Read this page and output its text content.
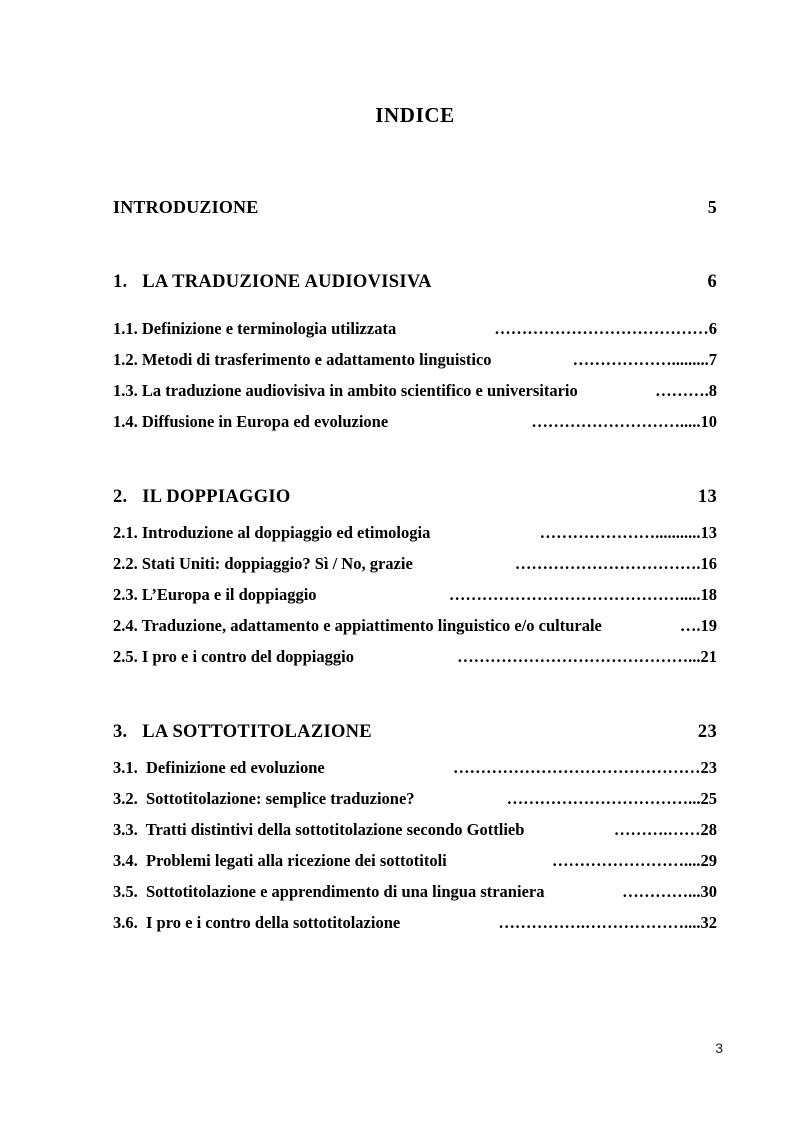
INDICE
INTRODUZIONE	5
1. LA TRADUZIONE AUDIOVISIVA	6
1.1. Definizione e terminologia utilizzata	………………………………… 6
1.2. Metodi di trasferimento e adattamento linguistico	………………......... 7
1.3. La traduzione audiovisiva in ambito scientifico e universitario	………. 8
1.4. Diffusione in Europa ed evoluzione	………………………..... 10
2. IL DOPPIAGGIO	13
2.1. Introduzione al doppiaggio ed etimologia	…………………........... 13
2.2. Stati Uniti: doppiaggio? Sì / No, grazie	……………………………. 16
2.3. L’Europa e il doppiaggio	……………………………………..... 18
2.4. Traduzione, adattamento e appiattimento linguistico e/o culturale	…. 19
2.5. I pro e i contro del doppiaggio	……………………………………... 21
3. LA SOTTOTITOLAZIONE	23
3.1.  Definizione ed evoluzione	……………………………………… 23
3.2.  Sottotitolazione: semplice traduzione?	……………………………... 25
3.3.  Tratti distintivi della sottotitolazione secondo Gottlieb	……….…… 28
3.4.  Problemi legati alla ricezione dei sottotitoli	…………………….... 29
3.5.  Sottotitolazione e apprendimento di una lingua straniera	…………... 30
3.6.  I pro e i contro della sottotitolazione	…………….……………….... 32
3
